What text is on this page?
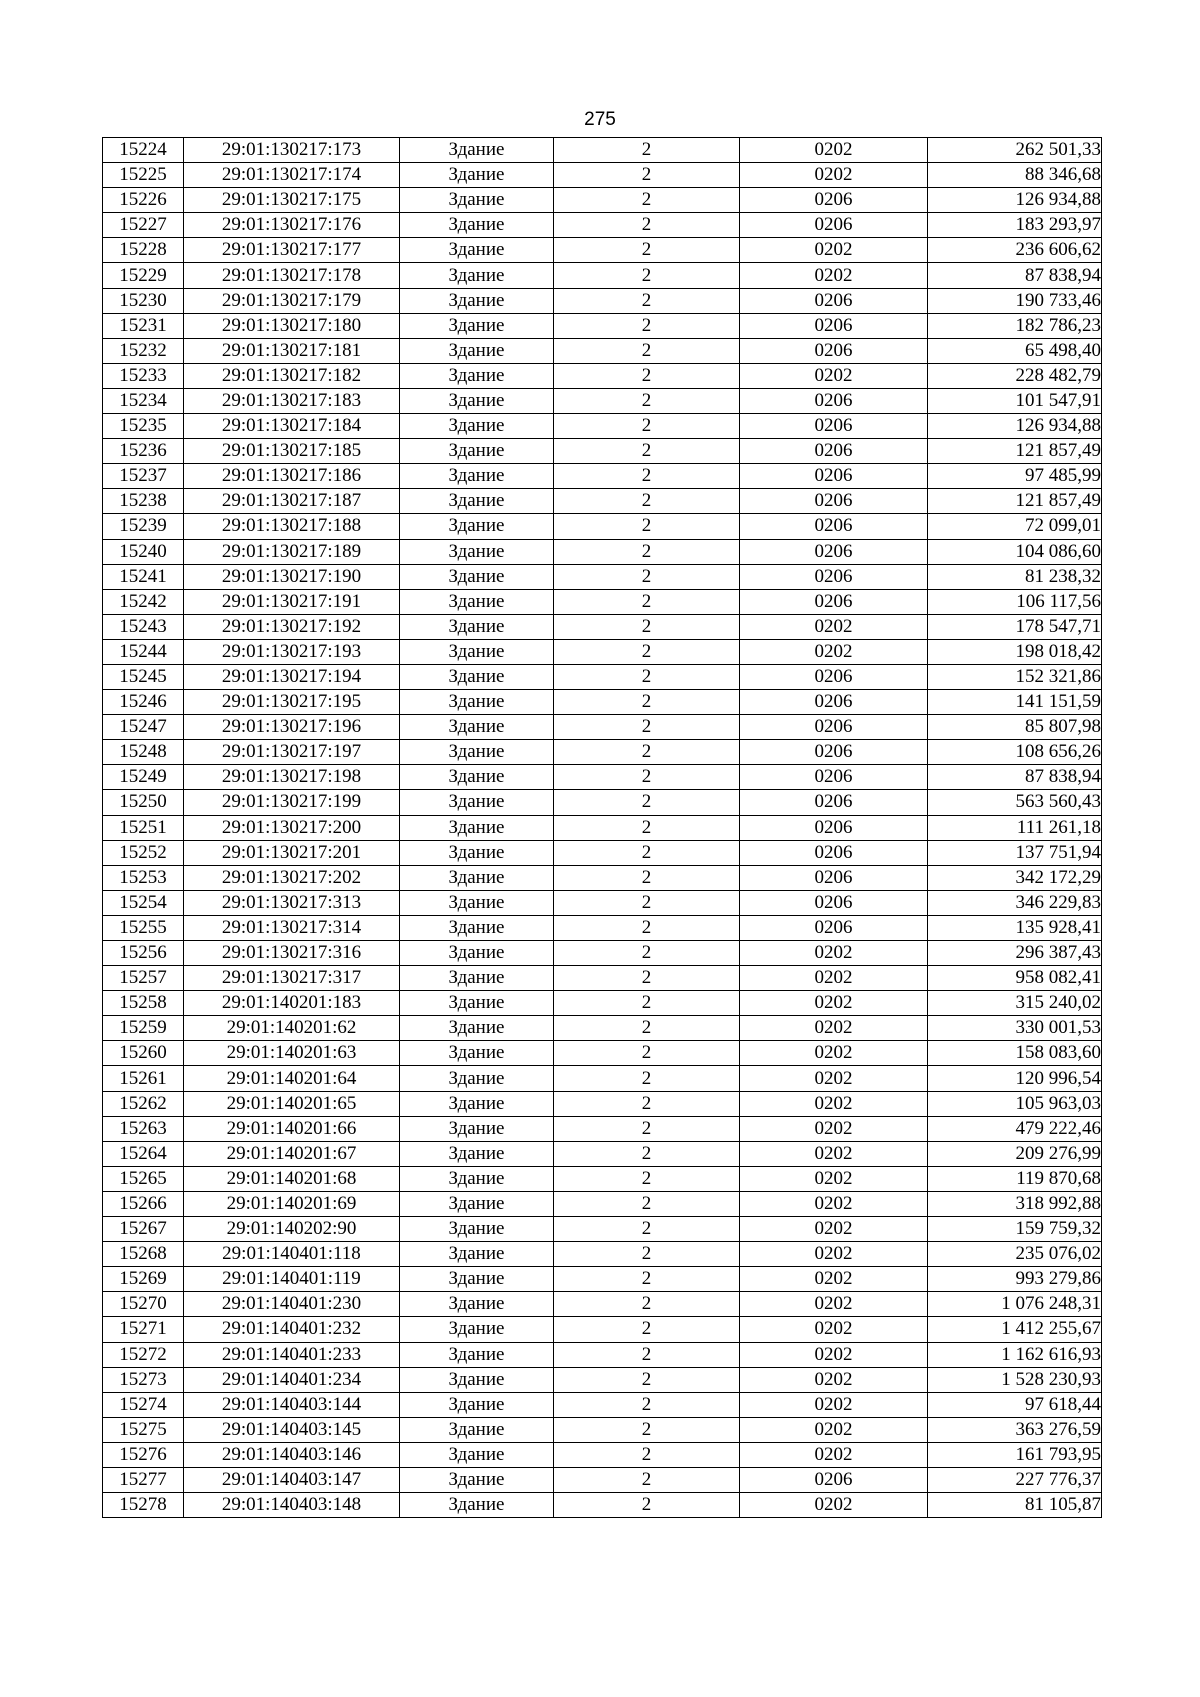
275
15224	29:01:130217:173	Здание	2	0202	262 501,33
15225	29:01:130217:174	Здание	2	0202	88 346,68
15226	29:01:130217:175	Здание	2	0206	126 934,88
15227	29:01:130217:176	Здание	2	0206	183 293,97
15228	29:01:130217:177	Здание	2	0202	236 606,62
15229	29:01:130217:178	Здание	2	0202	87 838,94
15230	29:01:130217:179	Здание	2	0206	190 733,46
15231	29:01:130217:180	Здание	2	0206	182 786,23
15232	29:01:130217:181	Здание	2	0206	65 498,40
15233	29:01:130217:182	Здание	2	0202	228 482,79
15234	29:01:130217:183	Здание	2	0206	101 547,91
15235	29:01:130217:184	Здание	2	0206	126 934,88
15236	29:01:130217:185	Здание	2	0206	121 857,49
15237	29:01:130217:186	Здание	2	0206	97 485,99
15238	29:01:130217:187	Здание	2	0206	121 857,49
15239	29:01:130217:188	Здание	2	0206	72 099,01
15240	29:01:130217:189	Здание	2	0206	104 086,60
15241	29:01:130217:190	Здание	2	0206	81 238,32
15242	29:01:130217:191	Здание	2	0206	106 117,56
15243	29:01:130217:192	Здание	2	0202	178 547,71
15244	29:01:130217:193	Здание	2	0202	198 018,42
15245	29:01:130217:194	Здание	2	0206	152 321,86
15246	29:01:130217:195	Здание	2	0206	141 151,59
15247	29:01:130217:196	Здание	2	0206	85 807,98
15248	29:01:130217:197	Здание	2	0206	108 656,26
15249	29:01:130217:198	Здание	2	0206	87 838,94
15250	29:01:130217:199	Здание	2	0206	563 560,43
15251	29:01:130217:200	Здание	2	0206	111 261,18
15252	29:01:130217:201	Здание	2	0206	137 751,94
15253	29:01:130217:202	Здание	2	0206	342 172,29
15254	29:01:130217:313	Здание	2	0206	346 229,83
15255	29:01:130217:314	Здание	2	0206	135 928,41
15256	29:01:130217:316	Здание	2	0202	296 387,43
15257	29:01:130217:317	Здание	2	0202	958 082,41
15258	29:01:140201:183	Здание	2	0202	315 240,02
15259	29:01:140201:62	Здание	2	0202	330 001,53
15260	29:01:140201:63	Здание	2	0202	158 083,60
15261	29:01:140201:64	Здание	2	0202	120 996,54
15262	29:01:140201:65	Здание	2	0202	105 963,03
15263	29:01:140201:66	Здание	2	0202	479 222,46
15264	29:01:140201:67	Здание	2	0202	209 276,99
15265	29:01:140201:68	Здание	2	0202	119 870,68
15266	29:01:140201:69	Здание	2	0202	318 992,88
15267	29:01:140202:90	Здание	2	0202	159 759,32
15268	29:01:140401:118	Здание	2	0202	235 076,02
15269	29:01:140401:119	Здание	2	0202	993 279,86
15270	29:01:140401:230	Здание	2	0202	1 076 248,31
15271	29:01:140401:232	Здание	2	0202	1 412 255,67
15272	29:01:140401:233	Здание	2	0202	1 162 616,93
15273	29:01:140401:234	Здание	2	0202	1 528 230,93
15274	29:01:140403:144	Здание	2	0202	97 618,44
15275	29:01:140403:145	Здание	2	0202	363 276,59
15276	29:01:140403:146	Здание	2	0202	161 793,95
15277	29:01:140403:147	Здание	2	0206	227 776,37
15278	29:01:140403:148	Здание	2	0202	81 105,87
